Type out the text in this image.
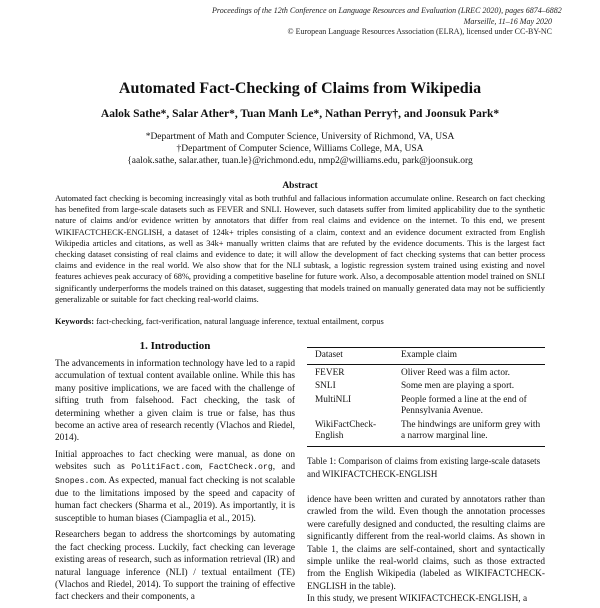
Proceedings of the 12th Conference on Language Resources and Evaluation (LREC 2020), pages 6874–6882
Marseille, 11–16 May 2020
© European Language Resources Association (ELRA), licensed under CC-BY-NC
Automated Fact-Checking of Claims from Wikipedia
Aalok Sathe*, Salar Ather*, Tuan Manh Le*, Nathan Perry†, and Joonsuk Park*
*Department of Math and Computer Science, University of Richmond, VA, USA
†Department of Computer Science, Williams College, MA, USA
{aalok.sathe, salar.ather, tuan.le}@richmond.edu, nmp2@williams.edu, park@joonsuk.org
Abstract
Automated fact checking is becoming increasingly vital as both truthful and fallacious information accumulate online. Research on fact checking has benefited from large-scale datasets such as FEVER and SNLI. However, such datasets suffer from limited applicability due to the synthetic nature of claims and/or evidence written by annotators that differ from real claims and evidence on the internet. To this end, we present WIKIFACTCHECK-ENGLISH, a dataset of 124k+ triples consisting of a claim, context and an evidence document extracted from English Wikipedia articles and citations, as well as 34k+ manually written claims that are refuted by the evidence documents. This is the largest fact checking dataset consisting of real claims and evidence to date; it will allow the development of fact checking systems that can better process claims and evidence in the real world. We also show that for the NLI subtask, a logistic regression system trained using existing and novel features achieves peak accuracy of 68%, providing a competitive baseline for future work. Also, a decomposable attention model trained on SNLI significantly underperforms the models trained on this dataset, suggesting that models trained on manually generated data may not be sufficiently generalizable or suitable for fact checking real-world claims.
Keywords: fact-checking, fact-verification, natural language inference, textual entailment, corpus
1. Introduction

The advancements in information technology have led to a rapid accumulation of textual content available online. While this has many positive implications, we are faced with the challenge of sifting truth from falsehood. Fact checking, the task of determining whether a given claim is true or false, has thus become an active area of research recently (Vlachos and Riedel, 2014).

Initial approaches to fact checking were manual, as done on websites such as PolitiFact.com, FactCheck.org, and Snopes.com. As expected, manual fact checking is not scalable due to the limitations imposed by the speed and capacity of human fact checkers (Sharma et al., 2019). As importantly, it is susceptible to human biases (Ciampaglia et al., 2015).

Researchers began to address the shortcomings by automating the fact checking process. Luckily, fact checking can leverage existing areas of research, such as information retrieval (IR) and natural language inference (NLI) / textual entailment (TE) (Vlachos and Riedel, 2014). To support the training of effective fact checkers and their components, a

Dataset	Example claim
FEVER	Oliver Reed was a film actor.
SNLI	Some men are playing a sport.
MultiNLI	People formed a line at the end of Pennsylvania Avenue.
WikiFactCheck-English	The hindwings are uniform grey with a narrow marginal line.
Table 1: Comparison of claims from existing large-scale datasets and WIKIFACTCHECK-ENGLISH

idence have been written and curated by annotators rather than crawled from the wild. Even though the annotation processes were carefully designed and conducted, the resulting claims are significantly different from the real-world claims. As shown in Table 1, the claims are self-contained, short and syntactically simple unlike the real-world claims, such as those extracted from the English Wikipedia (labeled as WIKIFACTCHECK-ENGLISH in the table).

In this study, we present WIKIFACTCHECK-ENGLISH, a
